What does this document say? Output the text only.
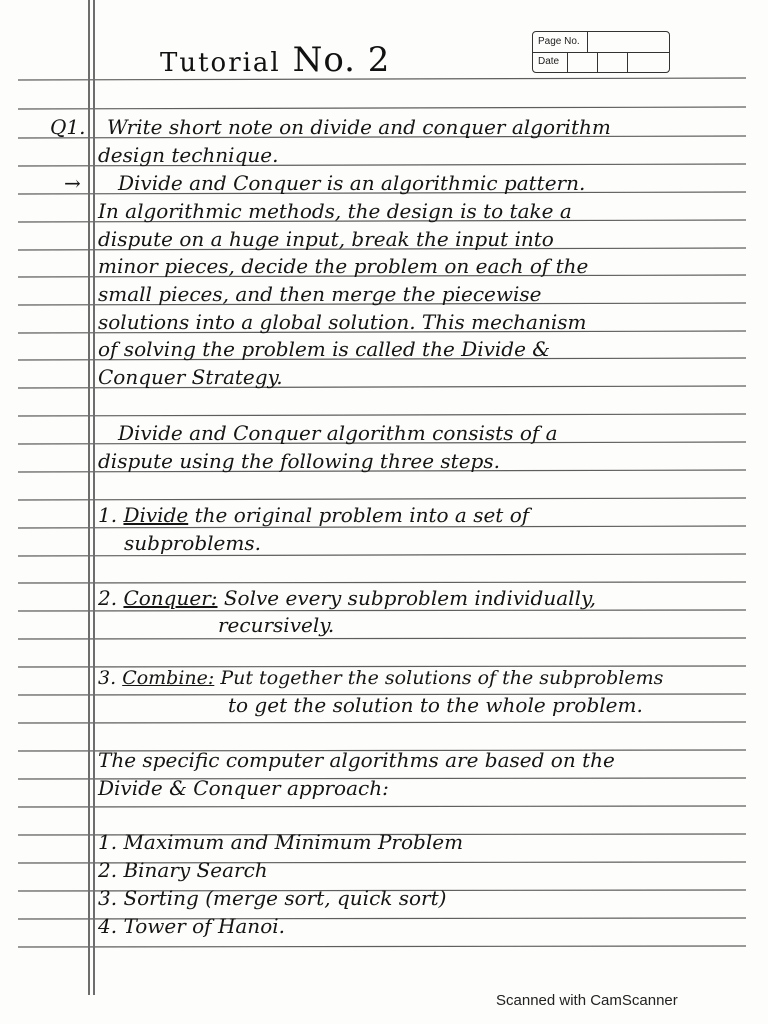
Page No.
Date
Tutorial No. 2
Q1. Write short note on divide and conquer algorithm
design technique.
→ Divide and Conquer is an algorithmic pattern.
In algorithmic methods, the design is to take a
dispute on a huge input, break the input into
minor pieces, decide the problem on each of the
small pieces, and then merge the piecewise
solutions into a global solution. This mechanism
of solving the problem is called the Divide &
Conquer Strategy.
Divide and Conquer algorithm consists of a
dispute using the following three steps.
1. Divide the original problem into a set of
subproblems.
2. Conquer: Solve every subproblem individually,
recursively.
3. Combine: Put together the solutions of the subproblems
to get the solution to the whole problem.
The specific computer algorithms are based on the
Divide & Conquer approach:
1. Maximum and Minimum Problem
2. Binary Search
3. Sorting (merge sort, quick sort)
4. Tower of Hanoi.
Scanned with CamScanner
